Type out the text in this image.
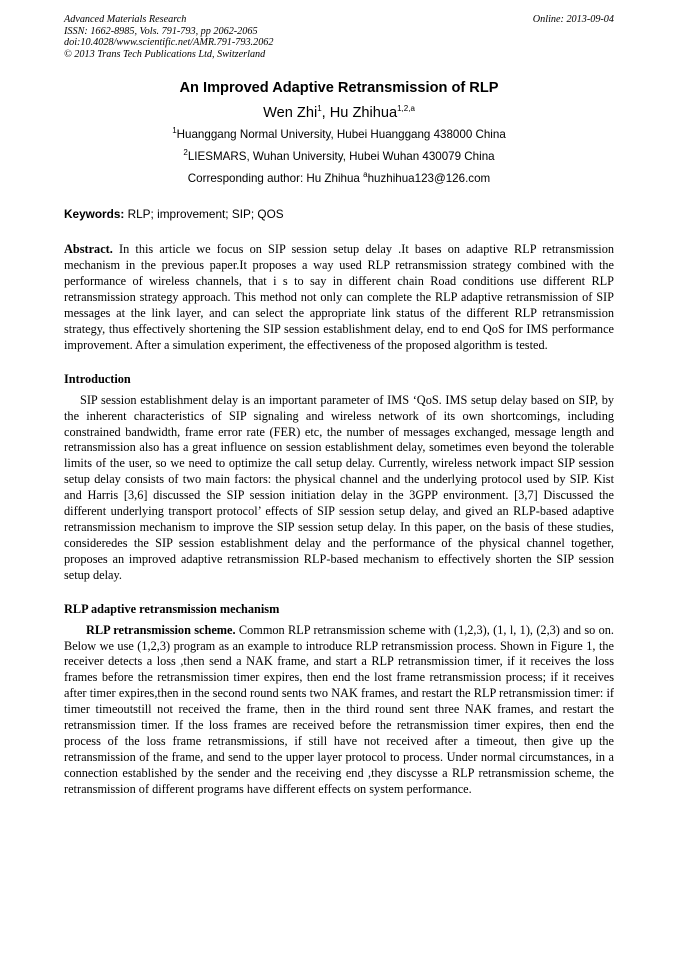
Advanced Materials Research
ISSN: 1662-8985, Vols. 791-793, pp 2062-2065
doi:10.4028/www.scientific.net/AMR.791-793.2062
© 2013 Trans Tech Publications Ltd, Switzerland
Online: 2013-09-04
An Improved Adaptive Retransmission of RLP
Wen Zhi$^1$, Hu Zhihua$^{1,2,a}$
$^1$Huanggang Normal University, Hubei Huanggang 438000 China
$^2$LIESMARS, Wuhan University, Hubei Wuhan 430079 China
Corresponding author: Hu Zhihua $^a$huzhihua123@126.com
Keywords: RLP; improvement; SIP; QOS

Abstract. In this article we focus on SIP session setup delay .It bases on adaptive RLP retransmission mechanism in the previous paper.It proposes a way used RLP retransmission strategy combined with the performance of wireless channels, that i s to say in different chain Road conditions use different RLP retransmission strategy approach. This method not only can complete the RLP adaptive retransmission of SIP messages at the link layer, and can select the appropriate link status of the different RLP retransmission strategy, thus effectively shortening the SIP session establishment delay, end to end QoS for IMS performance improvement. After a simulation experiment, the effectiveness of the proposed algorithm is tested.

Introduction

SIP session establishment delay is an important parameter of IMS ‘QoS. IMS setup delay based on SIP, by the inherent characteristics of SIP signaling and wireless network of its own shortcomings, including constrained bandwidth, frame error rate (FER) etc, the number of messages exchanged, message length and retransmission also has a great influence on session establishment delay, sometimes even beyond the tolerable limits of the user, so we need to optimize the call setup delay. Currently, wireless network impact SIP session setup delay consists of two main factors: the physical channel and the underlying protocol used by SIP. Kist and Harris [3,6] discussed the SIP session initiation delay in the 3GPP environment. [3,7] Discussed the different underlying transport protocol’ effects of SIP session setup delay, and gived an RLP-based adaptive retransmission mechanism to improve the SIP session setup delay. In this paper, on the basis of these studies, consideredes the SIP session establishment delay and the performance of the physical channel together, proposes an improved adaptive retransmission RLP-based mechanism to effectively shorten the SIP session setup delay.

RLP adaptive retransmission mechanism

RLP retransmission scheme. Common RLP retransmission scheme with (1,2,3), (1, l, 1), (2,3) and so on. Below we use (1,2,3) program as an example to introduce RLP retransmission process. Shown in Figure 1, the receiver detects a loss ,then send a NAK frame, and start a RLP retransmission timer, if it receives the loss frames before the retransmission timer expires, then end the lost frame retransmission process; if it receives after timer expires,then in the second round sents two NAK frames, and restart the RLP retransmission timer: if timer timeoutstill not received the frame, then in the third round sent three NAK frames, and restart the retransmission timer. If the loss frames are received before the retransmission timer expires, then end the process of the loss frame retransmissions, if still have not received after a timeout, then give up the retransmission of the frame, and send to the upper layer protocol to process. Under normal circumstances, in a connection established by the sender and the receiving end ,they discysse a RLP retransmission scheme, the retransmission of different programs have different effects on system performance.
